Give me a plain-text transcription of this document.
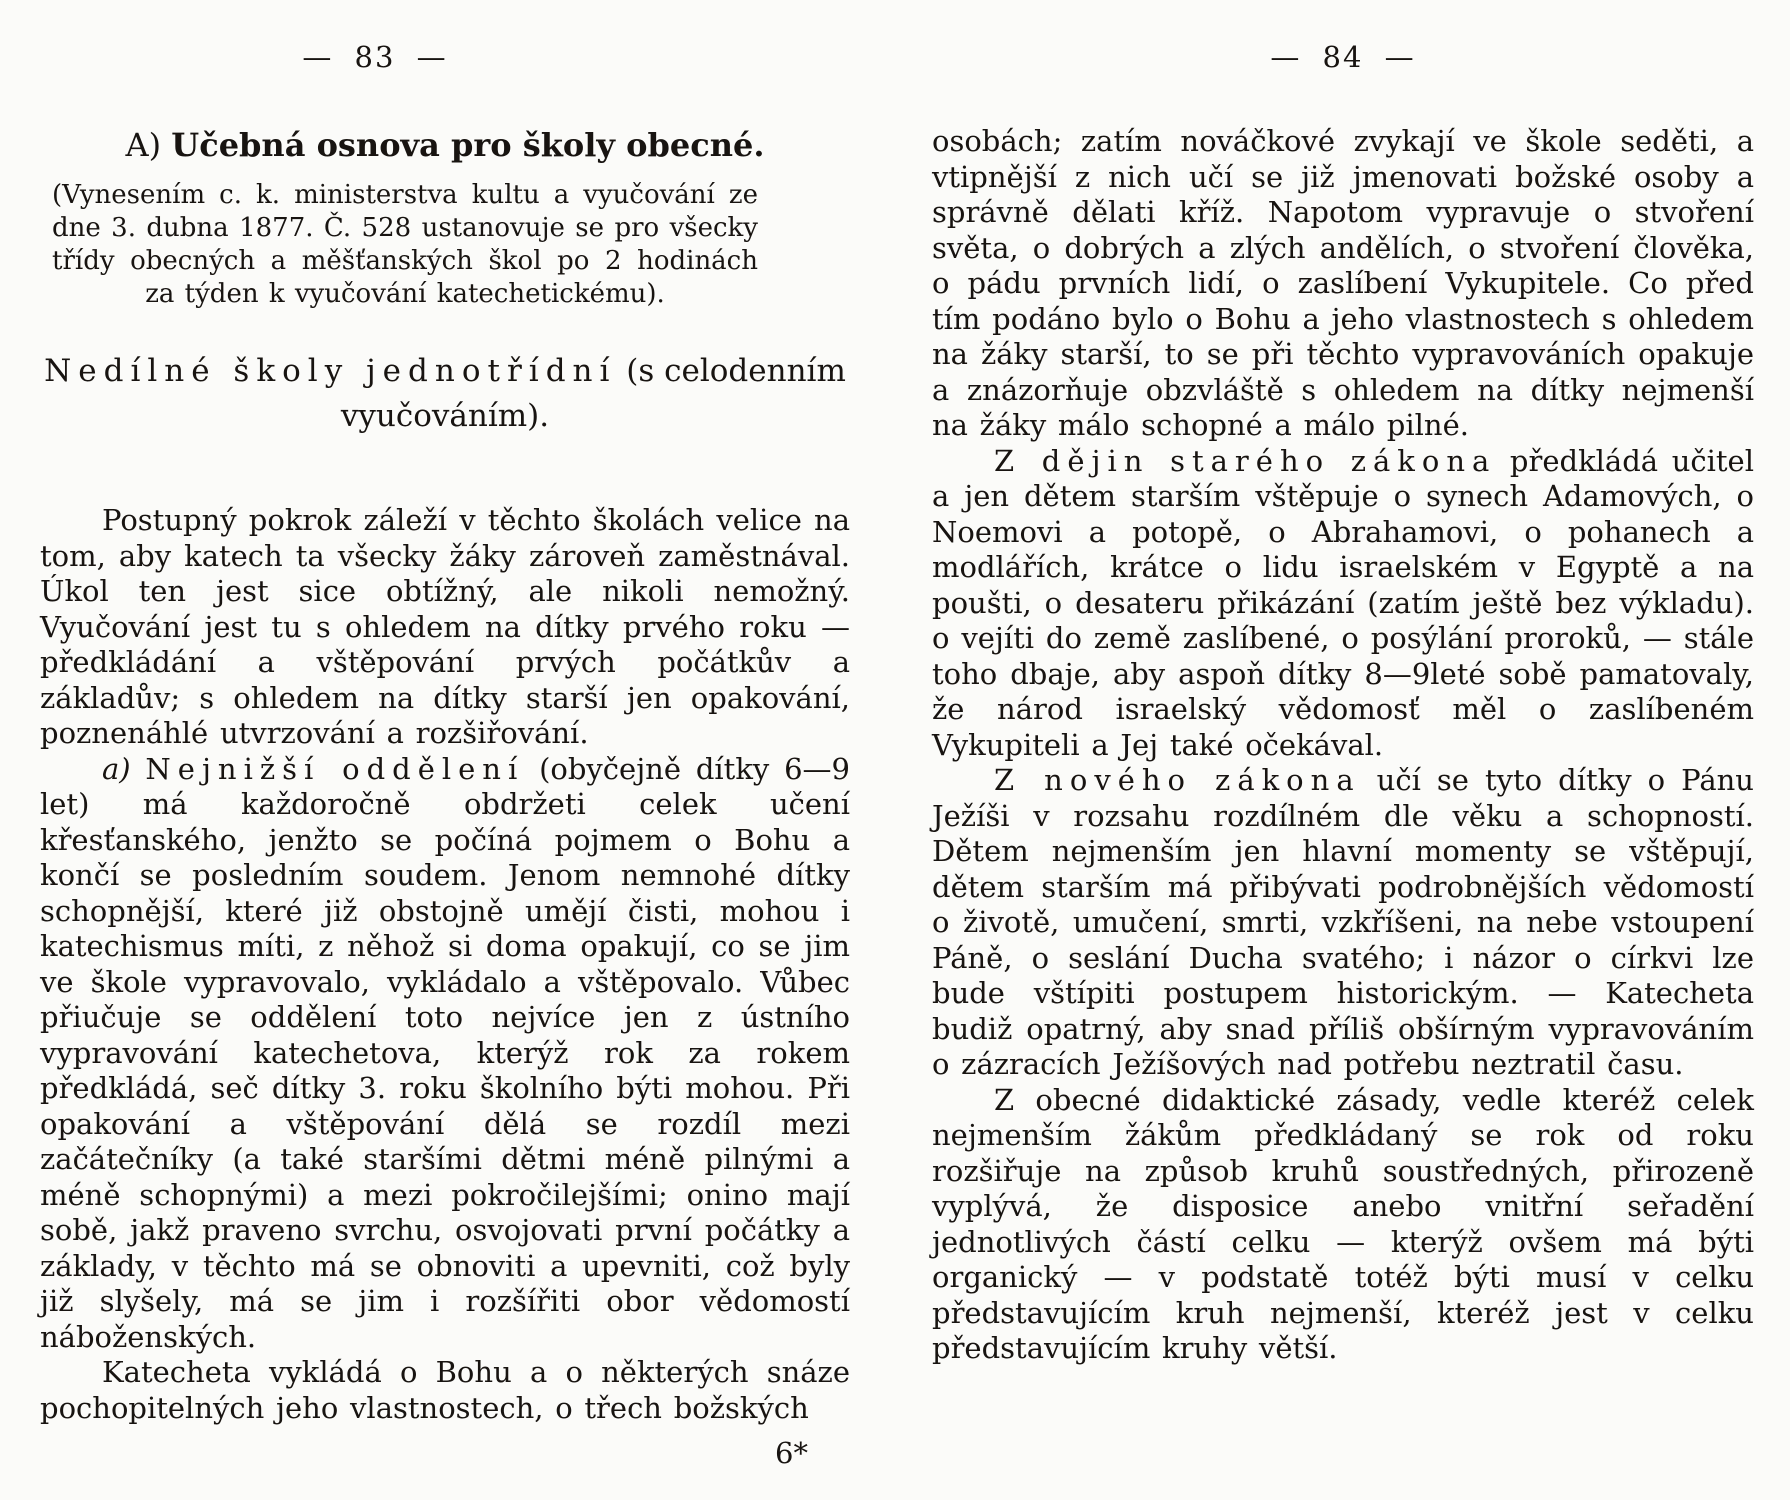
— 83 —
A) Učebná osnova pro školy obecné.

(Vynesením c. k. ministerstva kultu a vyučování ze dne 3. dubna 1877. Č. 528 ustanovuje se pro všecky třídy obecných a měšťanských škol po 2 hodinách za týden k vyučování katechetickému).

Nedílné školy jednotřídní (s celodenním
vyučováním).

Postupný pokrok záleží v těchto školách velice na tom, aby katech ta všecky žáky zároveň zaměstnával. Úkol ten jest sice obtížný, ale nikoli nemožný. Vyučování jest tu s ohledem na dítky prvého roku — předkládání a vštěpování prvých počátkův a základův; s ohledem na dítky starší jen opakování, poznenáhlé utvrzování a rozšiřování.

a) Nejnižší oddělení (obyčejně dítky 6—9 let) má každoročně obdržeti celek učení křesťanského, jenžto se počíná pojmem o Bohu a končí se posledním soudem. Jenom nemnohé dítky schopnější, které již obstojně umějí čisti, mohou i katechismus míti, z něhož si doma opakují, co se jim ve škole vypravovalo, vykládalo a vštěpovalo. Vůbec přiučuje se oddělení toto nejvíce jen z ústního vypravování katechetova, kterýž rok za rokem předkládá, seč dítky 3. roku školního býti mohou. Při opakování a vštěpování dělá se rozdíl mezi začátečníky (a také staršími dětmi méně pilnými a méně schopnými) a mezi pokročilejšími; onino mají sobě, jakž praveno svrchu, osvojovati první počátky a základy, v těchto má se obnoviti a upevniti, což byly již slyšely, má se jim i rozšířiti obor vědomostí náboženských.

Katecheta vykládá o Bohu a o některých snáze pochopitelných jeho vlastnostech, o třech božských

6*
— 84 —

osobách; zatím nováčkové zvykají ve škole seděti, a vtipnější z nich učí se již jmenovati božské osoby a správně dělati kříž. Napotom vypravuje o stvoření světa, o dobrých a zlých andělích, o stvoření člověka, o pádu prvních lidí, o zaslíbení Vykupitele. Co před tím podáno bylo o Bohu a jeho vlastnostech s ohledem na žáky starší, to se při těchto vypravováních opakuje a znázorňuje obzvláště s ohledem na dítky nejmenší na žáky málo schopné a málo pilné.

Z dějin starého zákona předkládá učitel a jen dětem starším vštěpuje o synech Adamových, o Noemovi a potopě, o Abrahamovi, o pohanech a modlářích, krátce o lidu israelském v Egyptě a na poušti, o desateru přikázání (zatím ještě bez výkladu). o vejíti do země zaslíbené, o posýlání proroků, — stále toho dbaje, aby aspoň dítky 8—9leté sobě pamatovaly, že národ israelský vědomosť měl o zaslíbeném Vykupiteli a Jej také očekával.

Z nového zákona učí se tyto dítky o Pánu Ježíši v rozsahu rozdílném dle věku a schopností. Dětem nejmenším jen hlavní momenty se vštěpují, dětem starším má přibývati podrobnějších vědomostí o životě, umučení, smrti, vzkříšeni, na nebe vstoupení Páně, o seslání Ducha svatého; i názor o církvi lze bude vštípiti postupem historickým. — Katecheta budiž opatrný, aby snad příliš obšírným vypravováním o zázracích Ježíšových nad potřebu neztratil času.

Z obecné didaktické zásady, vedle kteréž celek nejmenším žákům předkládaný se rok od roku rozšiřuje na způsob kruhů soustředných, přirozeně vyplývá, že disposice anebo vnitřní seřadění jednotlivých částí celku — kterýž ovšem má býti organický — v podstatě totéž býti musí v celku představujícím kruh nejmenší, kteréž jest v celku představujícím kruhy větší.
